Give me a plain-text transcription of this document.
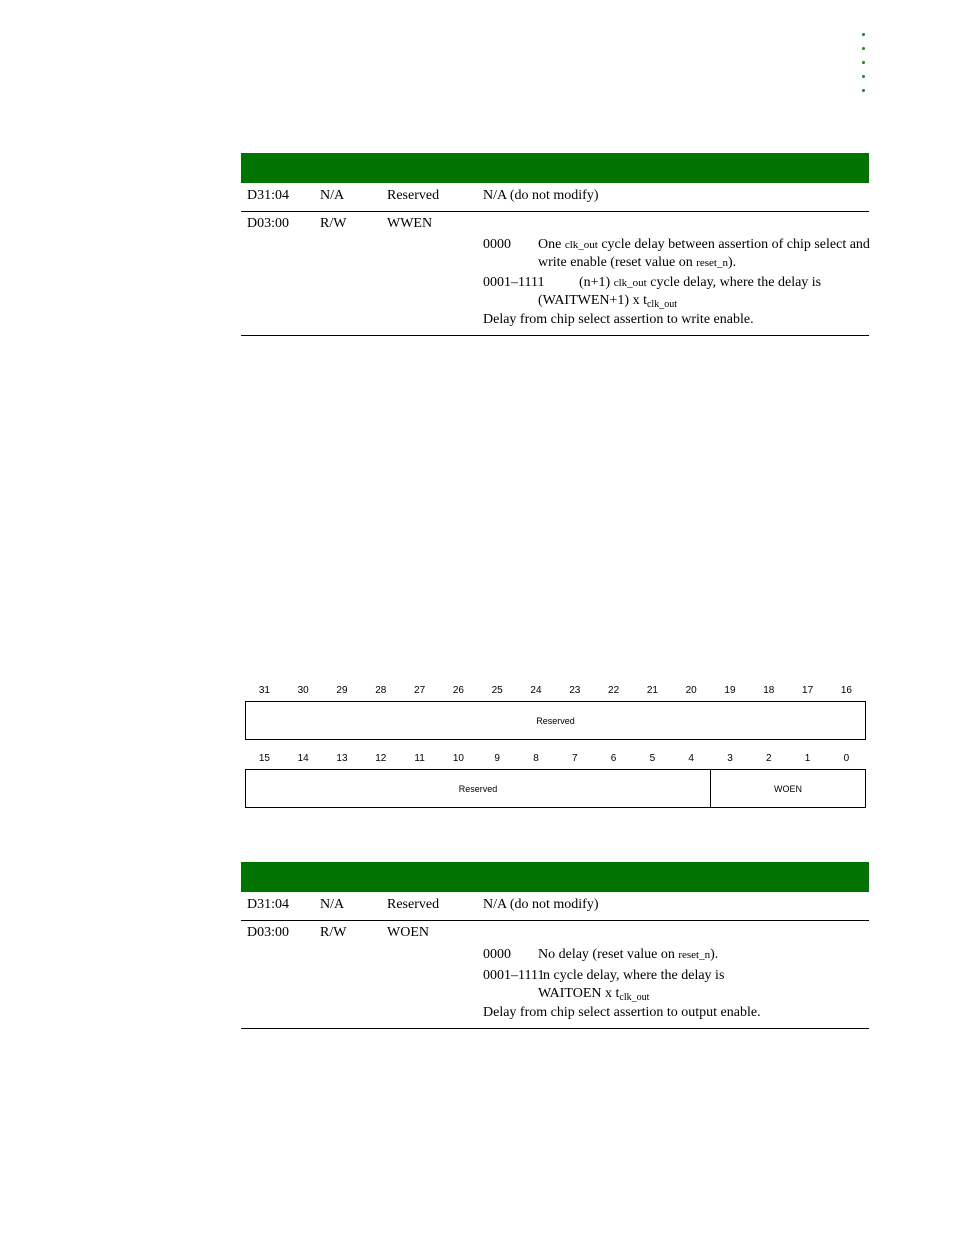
D31:04 N/A	Reserved	N/A (do not modify)
D03:00 R/W	WWEN
0000 One clk_out cycle delay between assertion of chip select and
write enable (reset value on reset_n).
0001–1111 (n+1) clk_out cycle delay, where the delay is
(WAITWEN+1) x $t_{clk\_out}$
Delay from chip select assertion to write enable.
31	30	29	28	27	26	25	24	23	22	21	20	19	18	17	16
Reserved
15	14	13	12	11	10	9	8	7	6	5	4	3	2	1	0
Reserved	WOEN
D31:04 N/A	Reserved	N/A (do not modify)
D03:00 R/W	WOEN
0000 No delay (reset value on reset_n).
0001–1111
n cycle delay, where the delay is
WAITOEN x $t_{clk\_out}$
Delay from chip select assertion to output enable.
